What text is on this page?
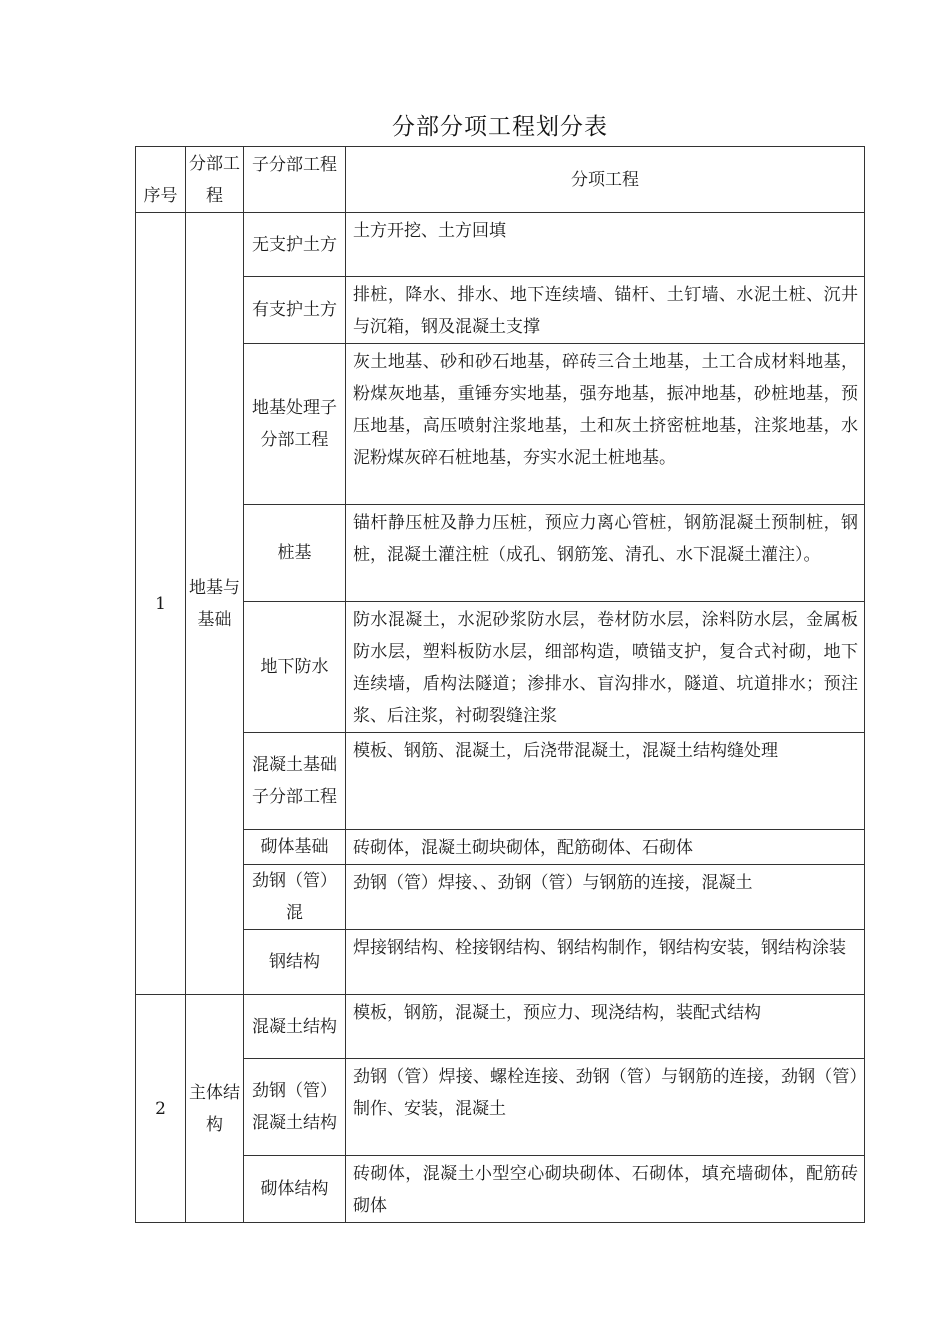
分部分项工程划分表
序号	分部工程	子分部工程	分项工程
1	地基与基础	无支护土方	土方开挖、土方回填
		有支护土方	排桩，降水、排水、地下连续墙、锚杆、土钉墙、水泥土桩、沉井与沉箱，钢及混凝土支撑
		地基处理子分部工程	灰土地基、砂和砂石地基，碎砖三合土地基，土工合成材料地基，粉煤灰地基，重锤夯实地基，强夯地基，振冲地基，砂桩地基，预压地基，高压喷射注浆地基，土和灰土挤密桩地基，注浆地基，水泥粉煤灰碎石桩地基，夯实水泥土桩地基。
		桩基	锚杆静压桩及静力压桩，预应力离心管桩，钢筋混凝土预制桩，钢桩，混凝土灌注桩（成孔、钢筋笼、清孔、水下混凝土灌注）。
		地下防水	防水混凝土，水泥砂浆防水层，卷材防水层，涂料防水层，金属板防水层，塑料板防水层，细部构造，喷锚支护，复合式衬砌，地下连续墙，盾构法隧道；渗排水、盲沟排水，隧道、坑道排水；预注浆、后注浆，衬砌裂缝注浆
		混凝土基础子分部工程	模板、钢筋、混凝土，后浇带混凝土，混凝土结构缝处理
		砌体基础	砖砌体，混凝土砌块砌体，配筋砌体、石砌体
		劲钢（管）混	劲钢（管）焊接、、劲钢（管）与钢筋的连接，混凝土
		钢结构	焊接钢结构、栓接钢结构、钢结构制作，钢结构安装，钢结构涂装
2	主体结构	混凝土结构	模板，钢筋，混凝土，预应力、现浇结构，装配式结构
		劲钢（管）混凝土结构	劲钢（管）焊接、螺栓连接、劲钢（管）与钢筋的连接，劲钢（管）制作、安装，混凝土
		砌体结构	砖砌体，混凝土小型空心砌块砌体、石砌体，填充墙砌体，配筋砖砌体
